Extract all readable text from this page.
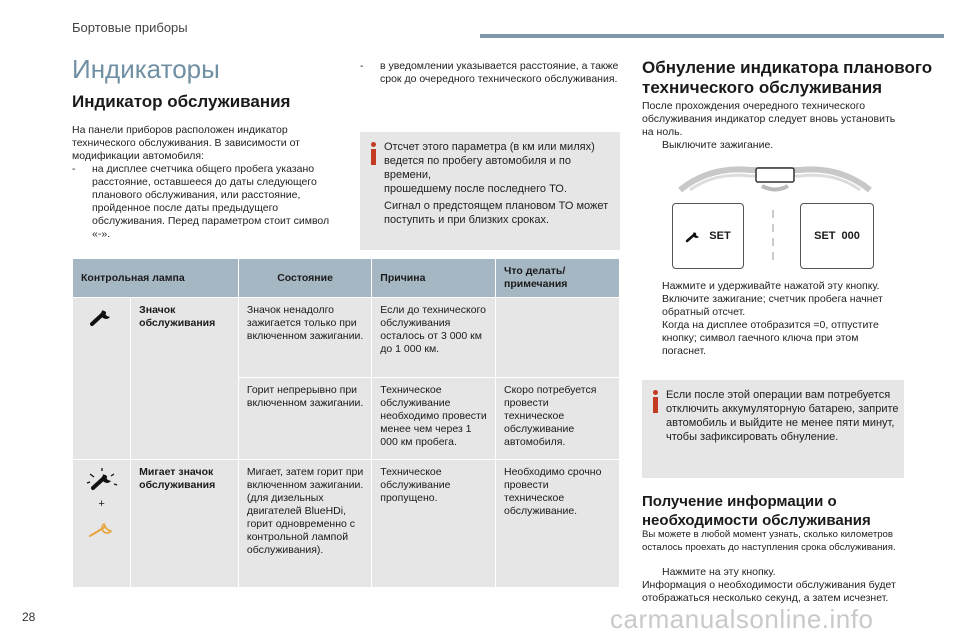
Бортовые приборы
Индикаторы
Индикатор обслуживания
На панели приборов расположен индикатор
технического обслуживания. В зависимости от
модификации автомобиля:
-	на дисплее счетчика общего пробега указано
расстояние, оставшееся до даты следующего
планового обслуживания, или расстояние,
пройденное после даты предыдущего
обслуживания. Перед параметром стоит символ «-».
-	в уведомлении указывается расстояние, а также
срок до очередного технического обслуживания.
Отсчет этого параметра (в км или милях)
ведется по пробегу автомобиля и по времени,
прошедшему после последнего ТО.
Сигнал о предстоящем плановом ТО может
поступить и при близких сроках.
Контрольная лампа		Состояние	Причина	Что делать/ примечания
	Значок обслуживания	Значок ненадолго зажигается только при включенном зажигании.	Если до технического обслуживания осталось от 3 000 км до 1 000 км.	
		Горит непрерывно при включенном зажигании.	Техническое обслуживание необходимо провести менее чем через 1 000 км пробега.	Скоро потребуется провести техническое обслуживание автомобиля.

+	Мигает значок обслуживания	Мигает, затем горит при включенном зажигании. (для дизельных двигателей BlueHDi, горит одновременно с контрольной лампой обслуживания).	Техническое обслуживание пропущено.	Необходимо срочно провести техническое обслуживание.
Обнуление индикатора планового
технического обслуживания
После прохождения очередного технического
обслуживания индикатор следует вновь установить
на ноль.
Выключите зажигание.
SET	SET 000
Нажмите и удерживайте нажатой эту кнопку.
Включите зажигание; счетчик пробега начнет
обратный отсчет.
Когда на дисплее отобразится =0, отпустите
кнопку; символ гаечного ключа при этом
погаснет.
Если после этой операции вам потребуется
отключить аккумуляторную батарею, заприте
автомобиль и выйдите не менее пяти минут,
чтобы зафиксировать обнуление.
Получение информации о
необходимости обслуживания
Вы можете в любой момент узнать, сколько километров
осталось проехать до наступления срока обслуживания.
Нажмите на эту кнопку.
Информация о необходимости обслуживания будет
отображаться несколько секунд, а затем исчезнет.
28	carmanualsonline.info
